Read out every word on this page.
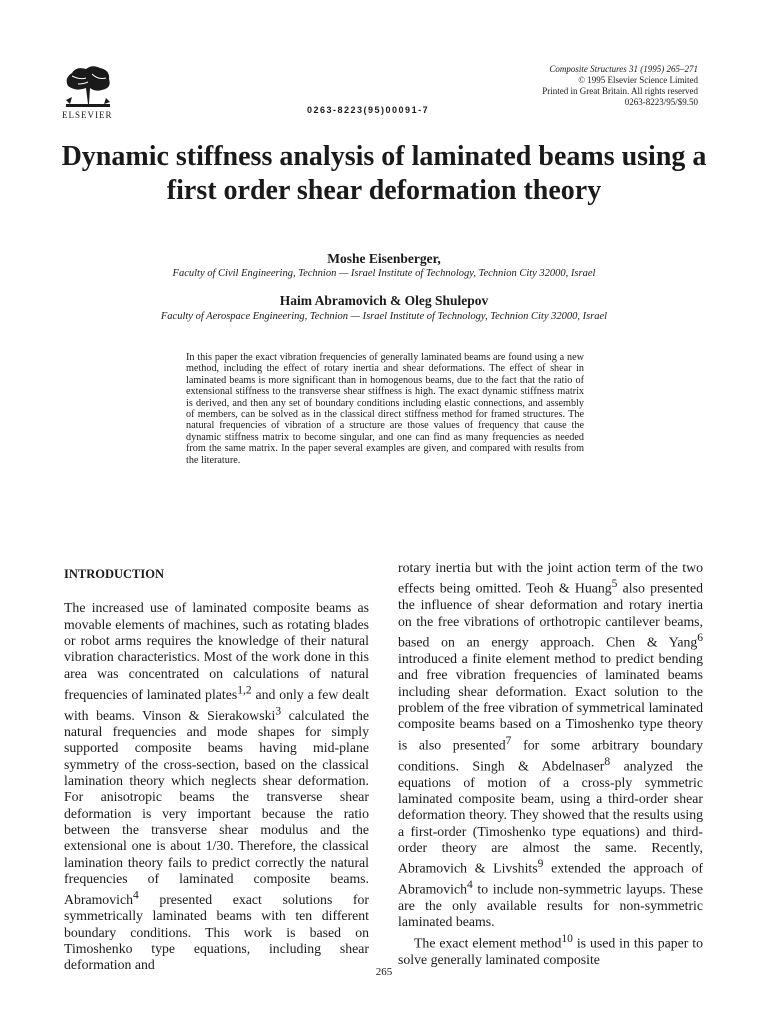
ELSEVIER	0263-8223(95)00091-7
Composite Structures 31 (1995) 265–271
© 1995 Elsevier Science Limited
Printed in Great Britain. All rights reserved
0263-8223/95/$9.50
Dynamic stiffness analysis of laminated beams using a first order shear deformation theory
Moshe Eisenberger,
Faculty of Civil Engineering, Technion — Israel Institute of Technology, Technion City 32000, Israel
Haim Abramovich & Oleg Shulepov
Faculty of Aerospace Engineering, Technion — Israel Institute of Technology, Technion City 32000, Israel
In this paper the exact vibration frequencies of generally laminated beams are found using a new method, including the effect of rotary inertia and shear deformations. The effect of shear in laminated beams is more significant than in homogenous beams, due to the fact that the ratio of extensional stiffness to the transverse shear stiffness is high. The exact dynamic stiffness matrix is derived, and then any set of boundary conditions including elastic connections, and assembly of members, can be solved as in the classical direct stiffness method for framed structures. The natural frequencies of vibration of a structure are those values of frequency that cause the dynamic stiffness matrix to become singular, and one can find as many frequencies as needed from the same matrix. In the paper several examples are given, and compared with results from the literature.
INTRODUCTION

The increased use of laminated composite beams as movable elements of machines, such as rotating blades or robot arms requires the knowledge of their natural vibration characteristics. Most of the work done in this area was concentrated on calculations of natural frequencies of laminated plates$^{1,2}$ and only a few dealt with beams. Vinson & Sierakowski$^3$ calculated the natural frequencies and mode shapes for simply supported composite beams having mid-plane symmetry of the cross-section, based on the classical lamination theory which neglects shear deformation. For anisotropic beams the transverse shear deformation is very important because the ratio between the transverse shear modulus and the extensional one is about 1/30. Therefore, the classical lamination theory fails to predict correctly the natural frequencies of laminated composite beams. Abramovich$^4$ presented exact solutions for symmetrically laminated beams with ten different boundary conditions. This work is based on Timoshenko type equations, including shear deformation and

rotary inertia but with the joint action term of the two effects being omitted. Teoh & Huang$^5$ also presented the influence of shear deformation and rotary inertia on the free vibrations of orthotropic cantilever beams, based on an energy approach. Chen & Yang$^6$ introduced a finite element method to predict bending and free vibration frequencies of laminated beams including shear deformation. Exact solution to the problem of the free vibration of symmetrical laminated composite beams based on a Timoshenko type theory is also presented$^7$ for some arbitrary boundary conditions. Singh & Abdelnaser$^8$ analyzed the equations of motion of a cross-ply symmetric laminated composite beam, using a third-order shear deformation theory. They showed that the results using a first-order (Timoshenko type equations) and third-order theory are almost the same. Recently, Abramovich & Livshits$^9$ extended the approach of Abramovich$^4$ to include non-symmetric layups. These are the only available results for non-symmetric laminated beams.

The exact element method$^{10}$ is used in this paper to solve generally laminated composite

265
